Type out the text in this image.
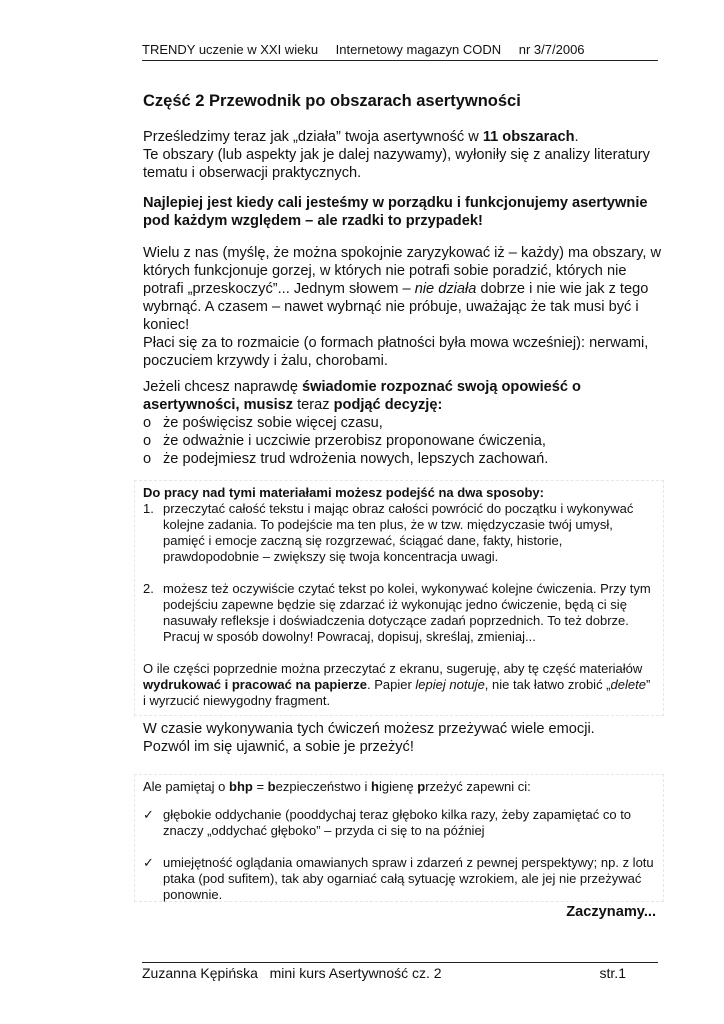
TRENDY uczenie w XXI wieku Internetowy magazyn CODN nr 3/7/2006
Część 2 Przewodnik po obszarach asertywności
Prześledzimy teraz jak „działa” twoja asertywność w 11 obszarach.
Te obszary (lub aspekty jak je dalej nazywamy), wyłoniły się z analizy literatury tematu i obserwacji praktycznych.
Najlepiej jest kiedy cali jesteśmy w porządku i funkcjonujemy asertywnie pod każdym względem – ale rzadki to przypadek!
Wielu z nas (myślę, że można spokojnie zaryzykować iż – każdy) ma obszary, w których funkcjonuje gorzej, w których nie potrafi sobie poradzić, których nie potrafi „przeskoczyć”... Jednym słowem – nie działa dobrze i nie wie jak z tego wybrnąć. A czasem – nawet wybrnąć nie próbuje, uważając że tak musi być i koniec!
Płaci się za to rozmaicie (o formach płatności była mowa wcześniej): nerwami, poczuciem krzywdy i żalu, chorobami.
Jeżeli chcesz naprawdę świadomie rozpoznać swoją opowieść o asertywności, musisz teraz podjąć decyzję:
o że poświęcisz sobie więcej czasu,
o że odważnie i uczciwie przerobisz proponowane ćwiczenia,
o że podejmiesz trud wdrożenia nowych, lepszych zachowań.
Do pracy nad tymi materiałami możesz podejść na dwa sposoby:
1. przeczytać całość tekstu i mając obraz całości powrócić do początku i wykonywać kolejne zadania. To podejście ma ten plus, że w tzw. międzyczasie twój umysł, pamięć i emocje zaczną się rozgrzewać, ściągać dane, fakty, historie, prawdopodobnie – zwiększy się twoja koncentracja uwagi.
2. możesz też oczywiście czytać tekst po kolei, wykonywać kolejne ćwiczenia. Przy tym podejściu zapewne będzie się zdarzać iż wykonując jedno ćwiczenie, będą ci się nasuwały refleksje i doświadczenia dotyczące zadań poprzednich. To też dobrze. Pracuj w sposób dowolny! Powracaj, dopisuj, skreślaj, zmieniaj...
O ile części poprzednie można przeczytać z ekranu, sugeruję, aby tę część materiałów wydrukować i pracować na papierze. Papier lepiej notuje, nie tak łatwo zrobić „delete” i wyrzucić niewygodny fragment.
W czasie wykonywania tych ćwiczeń możesz przeżywać wiele emocji.
Pozwól im się ujawnić, a sobie je przeżyć!
Ale pamiętaj o bhp = bezpieczeństwo i higienę przeżyć zapewni ci:
✓ głębokie oddychanie (pooddychaj teraz głęboko kilka razy, żeby zapamiętać co to znaczy „oddychać głęboko” – przyda ci się to na później
✓ umiejętność oglądania omawianych spraw i zdarzeń z pewnej perspektywy; np. z lotu ptaka (pod sufitem), tak aby ogarniać całą sytuację wzrokiem, ale jej nie przeżywać ponownie.
Zaczynamy...
Zuzanna Kępińska mini kurs Asertywność cz. 2	str.1
